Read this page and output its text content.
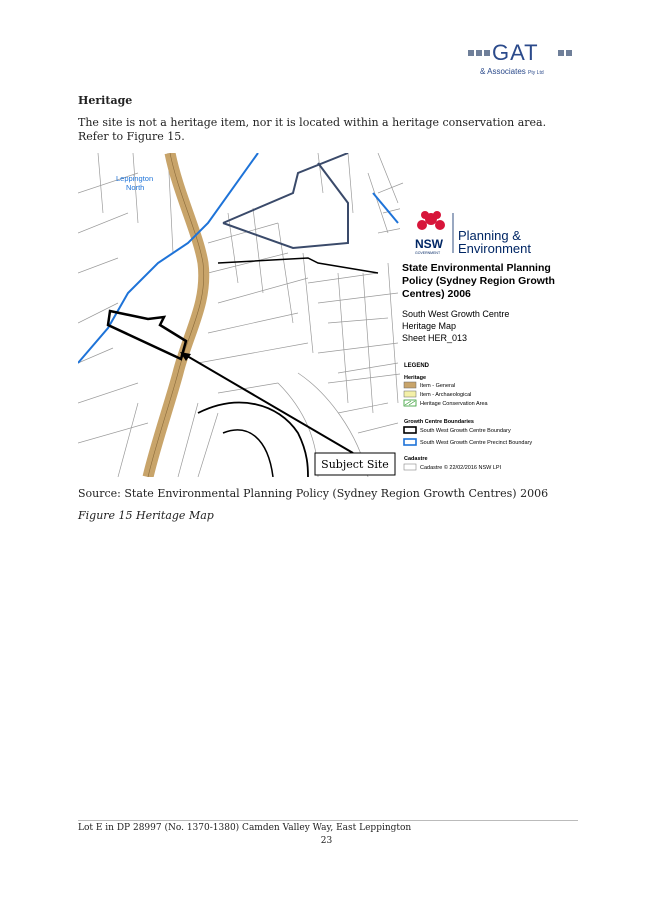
GAT
& Associates Pty Ltd
Heritage
The site is not a heritage item, nor it is located within a heritage conservation area. Refer to Figure 15.
Leppington
North
Subject Site
NSW
GOVERNMENT
Planning &
Environment
State Environmental Planning
Policy (Sydney Region Growth
Centres) 2006
South West Growth Centre
Heritage Map
Sheet HER_013
LEGEND
Heritage
Item - General
Item - Archaeological
Heritage Conservation Area
Growth Centre Boundaries
South West Growth Centre Boundary
South West Growth Centre Precinct Boundary
Cadastre
Cadastre © 22/02/2016 NSW LPI
Source: State Environmental Planning Policy (Sydney Region Growth Centres) 2006
Figure 15 Heritage Map
Lot E in DP 28997 (No. 1370-1380) Camden Valley Way, East Leppington
23
